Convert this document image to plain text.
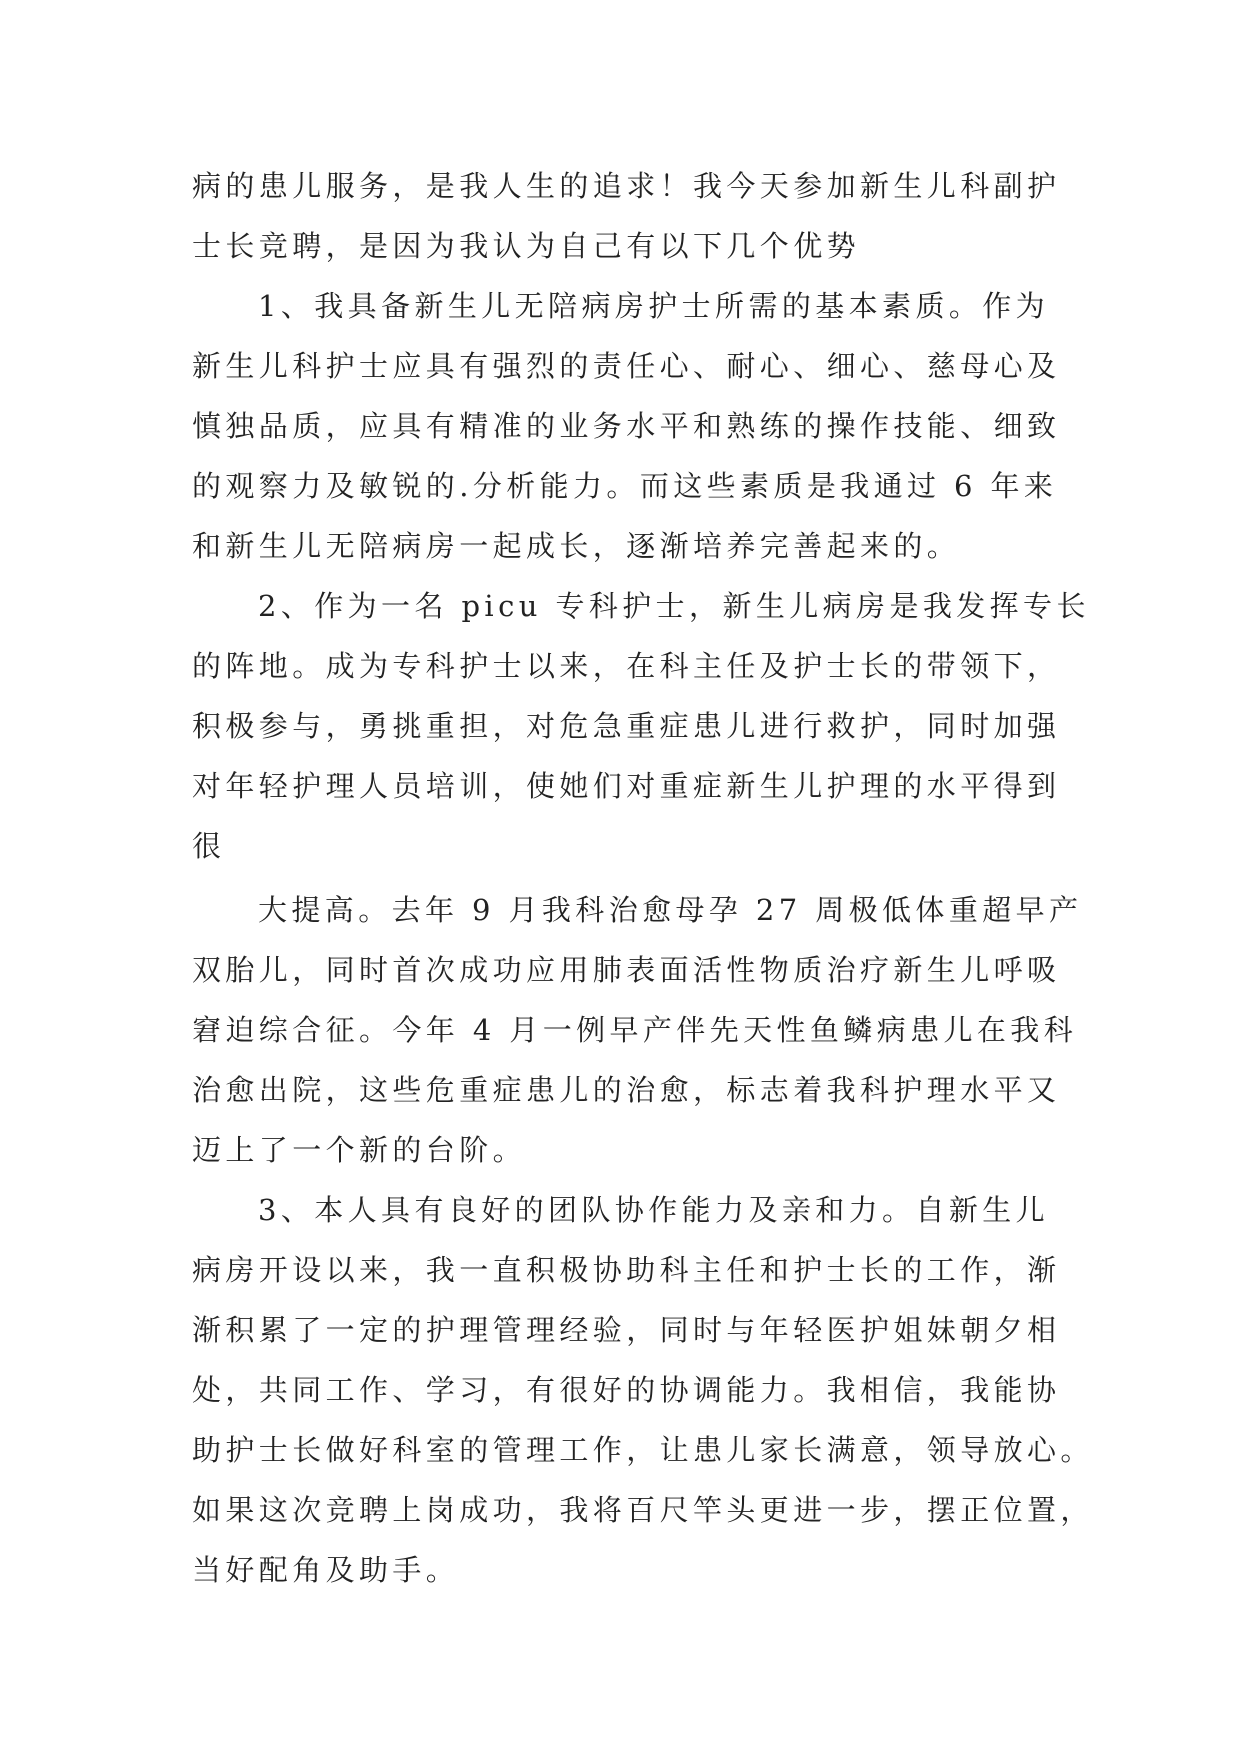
病的患儿服务，是我人生的追求！我今天参加新生儿科副护
士长竞聘，是因为我认为自己有以下几个优势
1、我具备新生儿无陪病房护士所需的基本素质。作为
新生儿科护士应具有强烈的责任心、耐心、细心、慈母心及
慎独品质，应具有精准的业务水平和熟练的操作技能、细致
的观察力及敏锐的.分析能力。而这些素质是我通过 6 年来
和新生儿无陪病房一起成长，逐渐培养完善起来的。
2、作为一名 picu 专科护士，新生儿病房是我发挥专长
的阵地。成为专科护士以来，在科主任及护士长的带领下，
积极参与，勇挑重担，对危急重症患儿进行救护，同时加强
对年轻护理人员培训，使她们对重症新生儿护理的水平得到
很
大提高。去年 9 月我科治愈母孕 27 周极低体重超早产
双胎儿，同时首次成功应用肺表面活性物质治疗新生儿呼吸
窘迫综合征。今年 4 月一例早产伴先天性鱼鳞病患儿在我科
治愈出院，这些危重症患儿的治愈，标志着我科护理水平又
迈上了一个新的台阶。
3、本人具有良好的团队协作能力及亲和力。自新生儿
病房开设以来，我一直积极协助科主任和护士长的工作，渐
渐积累了一定的护理管理经验，同时与年轻医护姐妹朝夕相
处，共同工作、学习，有很好的协调能力。我相信，我能协
助护士长做好科室的管理工作，让患儿家长满意，领导放心。
如果这次竞聘上岗成功，我将百尺竿头更进一步，摆正位置，
当好配角及助手。
